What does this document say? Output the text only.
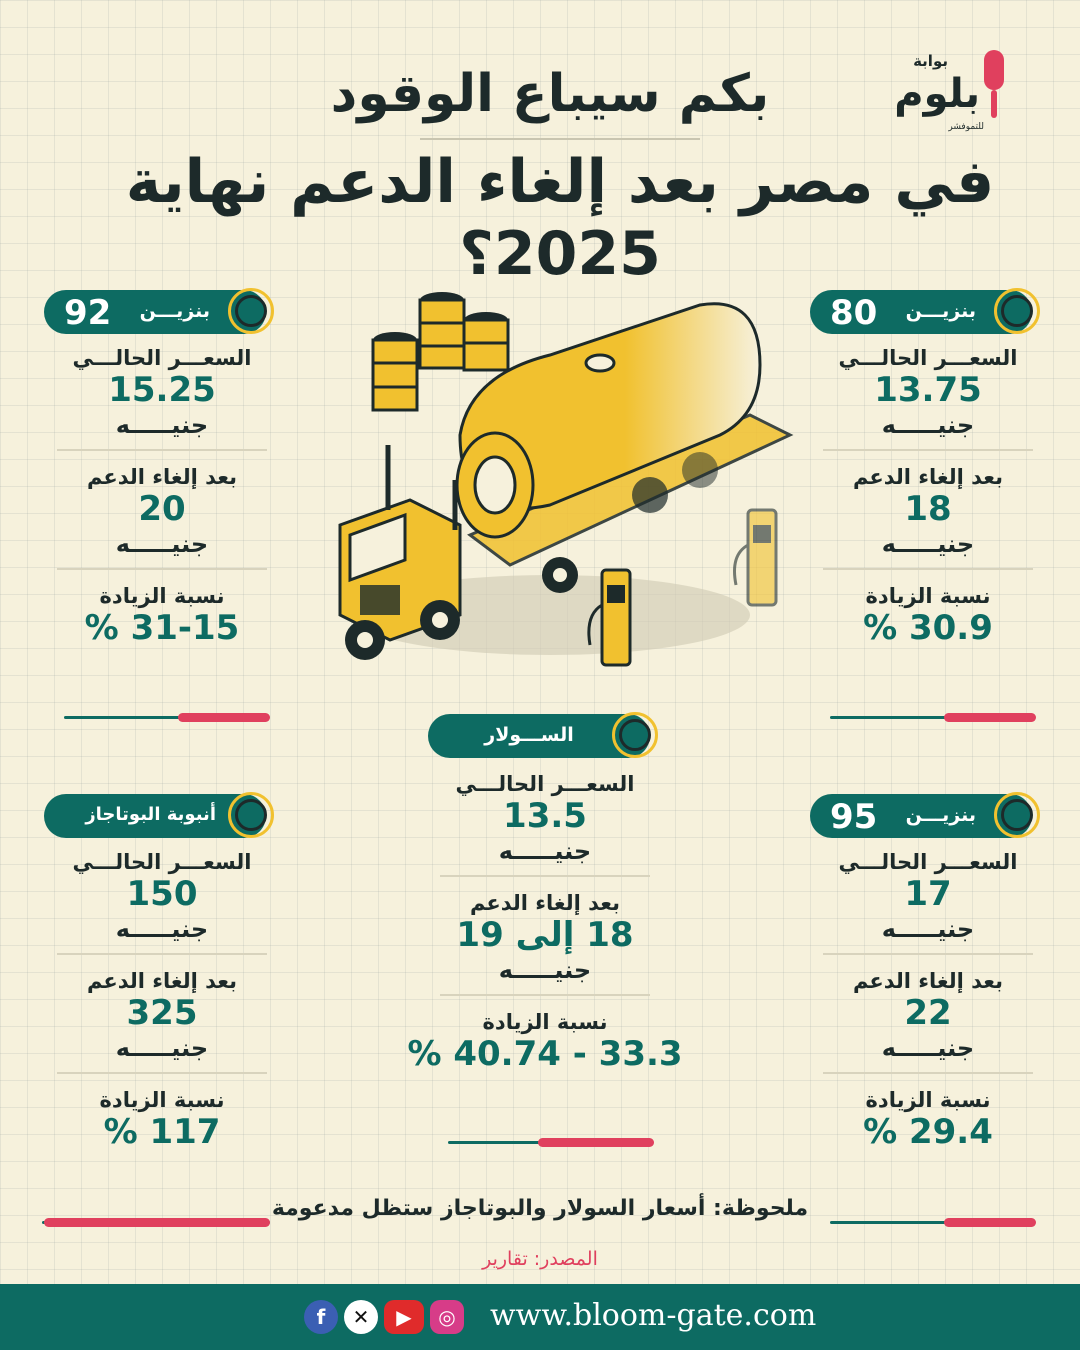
بوابة
بلوم
للتموفشر
بكم سيباع الوقود
في مصر بعد إلغاء الدعم نهاية 2025؟
بنزيـــن
80
السعـــر الحالـــي
13.75
جنيـــــه
بعد إلغاء الدعم
18
جنيـــــه
نسبة الزيادة
% 30.9
بنزيـــن
92
السعـــر الحالـــي
15.25
جنيـــــه
بعد إلغاء الدعم
20
جنيـــــه
نسبة الزيادة
% 31-15
الســـولار
السعـــر الحالـــي
13.5
جنيـــــه
بعد إلغاء الدعم
18 إلى 19
جنيـــــه
نسبة الزيادة
% 40.74 - 33.3
بنزيـــن
95
السعـــر الحالـــي
17
جنيـــــه
بعد إلغاء الدعم
22
جنيـــــه
نسبة الزيادة
% 29.4
أنبوبة البوتاجاز
السعـــر الحالـــي
150
جنيـــــه
بعد إلغاء الدعم
325
جنيـــــه
نسبة الزيادة
% 117
ملحوظة: أسعار السولار والبوتاجاز ستظل مدعومة
المصدر: تقارير
f	✕	▶	◎ www.bloom-gate.com
